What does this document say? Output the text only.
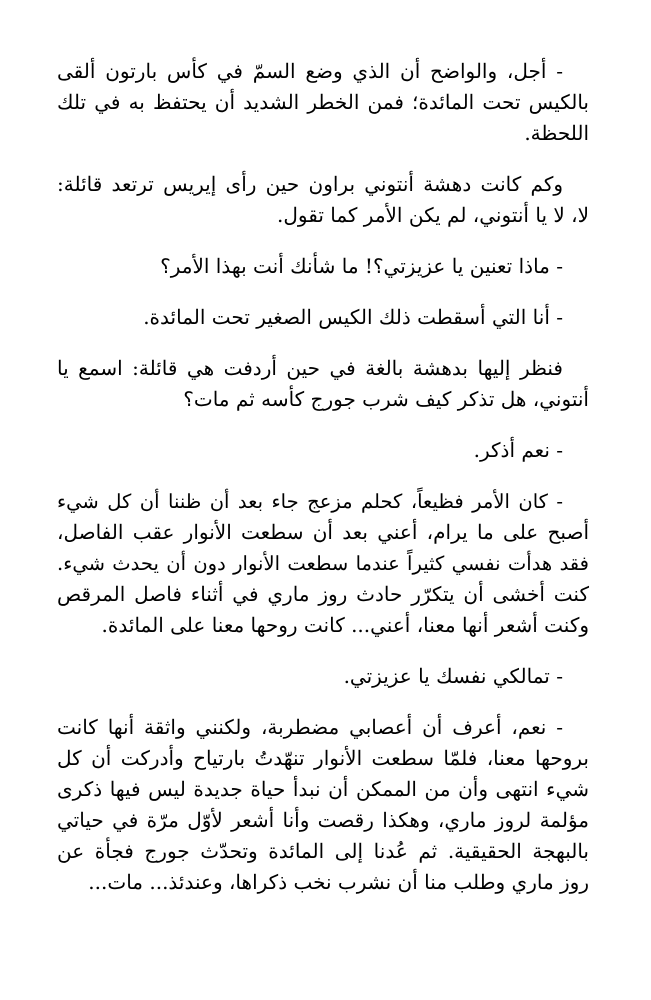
- أجل، والواضح أن الذي وضع السمّ في كأس بارتون ألقى
بالكيس تحت المائدة؛ فمن الخطر الشديد أن يحتفظ به في تلك
اللحظة.

وكم كانت دهشة أنتوني براون حين رأى إيريس ترتعد قائلة:
لا، لا يا أنتوني، لم يكن الأمر كما تقول.

- ماذا تعنين يا عزيزتي؟! ما شأنك أنت بهذا الأمر؟

- أنا التي أسقطت ذلك الكيس الصغير تحت المائدة.

فنظر إليها بدهشة بالغة في حين أردفت هي قائلة: اسمع يا
أنتوني، هل تذكر كيف شرب جورج كأسه ثم مات؟

- نعم أذكر.

- كان الأمر فظيعاً، كحلم مزعج جاء بعد أن ظننا أن كل شيء
أصبح على ما يرام، أعني بعد أن سطعت الأنوار عقب الفاصل،
فقد هدأت نفسي كثيراً عندما سطعت الأنوار دون أن يحدث شيء.
كنت أخشى أن يتكرّر حادث روز ماري في أثناء فاصل المرقص
وكنت أشعر أنها معنا، أعني... كانت روحها معنا على المائدة.

- تمالكي نفسك يا عزيزتي.

- نعم، أعرف أن أعصابي مضطربة، ولكنني واثقة أنها كانت
بروحها معنا، فلمّا سطعت الأنوار تنهّدتُ بارتياح وأدركت أن كل
شيء انتهى وأن من الممكن أن نبدأ حياة جديدة ليس فيها ذكرى
مؤلمة لروز ماري، وهكذا رقصت وأنا أشعر لأوّل مرّة في حياتي
بالبهجة الحقيقية. ثم عُدنا إلى المائدة وتحدّث جورج فجأة عن
روز ماري وطلب منا أن نشرب نخب ذكراها، وعندئذ... مات...
